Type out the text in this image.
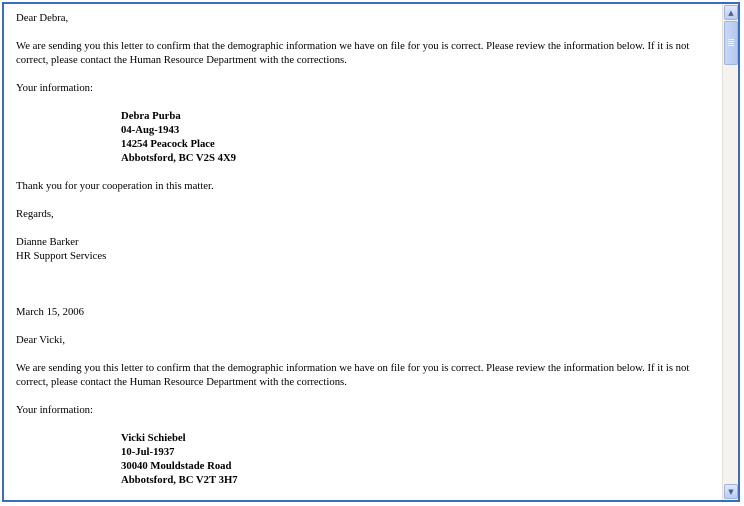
Dear Debra,

We are sending you this letter to confirm that the demographic information we have on file for you is correct. Please review the information below. If it is not correct, please contact the Human Resource Department with the corrections.

Your information:

Debra Purba
04-Aug-1943
14254 Peacock Place
Abbotsford, BC V2S 4X9

Thank you for your cooperation in this matter.

Regards,

Dianne Barker
HR Support Services

March 15, 2006

Dear Vicki,

We are sending you this letter to confirm that the demographic information we have on file for you is correct. Please review the information below. If it is not correct, please contact the Human Resource Department with the corrections.

Your information:

Vicki Schiebel
10-Jul-1937
30040 Mouldstade Road
Abbotsford, BC V2T 3H7
▲
▼
